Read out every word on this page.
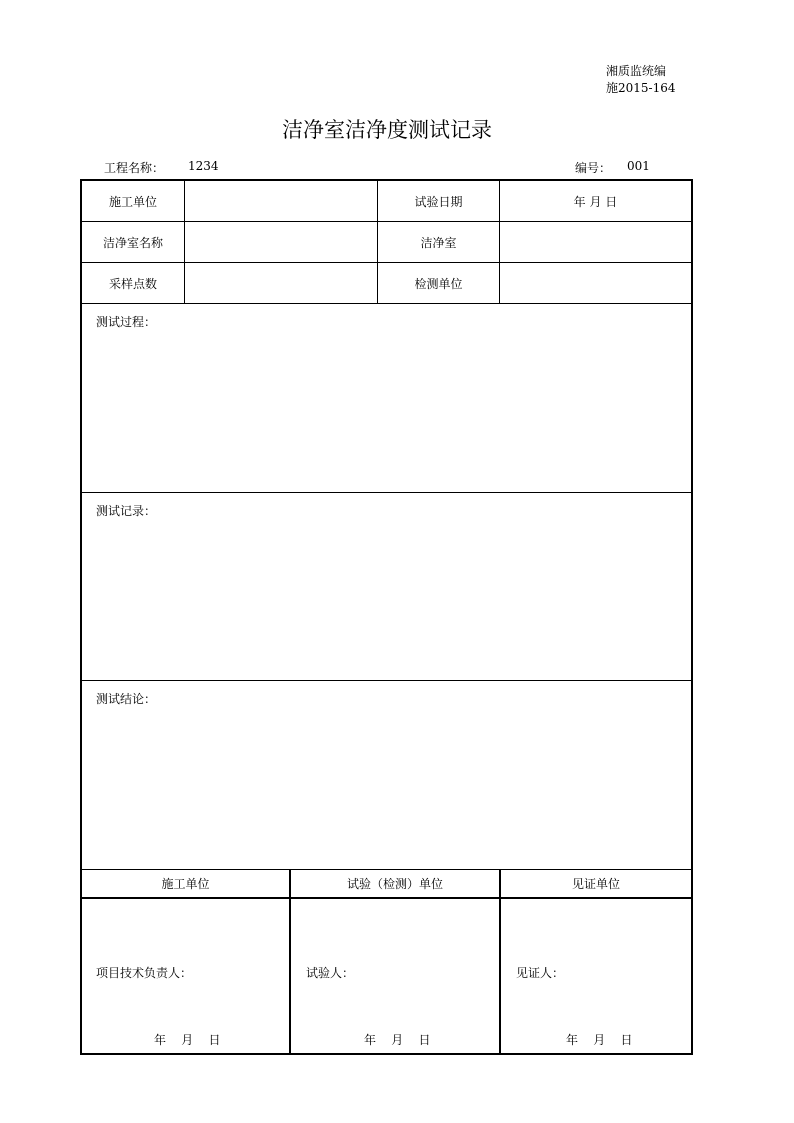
湘质监统编
施2015-164
洁净室洁净度测试记录
工程名称： 1234	编号： 001
施工单位	试验日期	年 月 日
洁净室名称	洁净室
采样点数	检测单位
测试过程：
测试记录：
测试结论：
施工单位	试验（检测）单位	见证单位
项目技术负责人：	试验人：	见证人：
年    月    日	年    月    日	年    月    日
